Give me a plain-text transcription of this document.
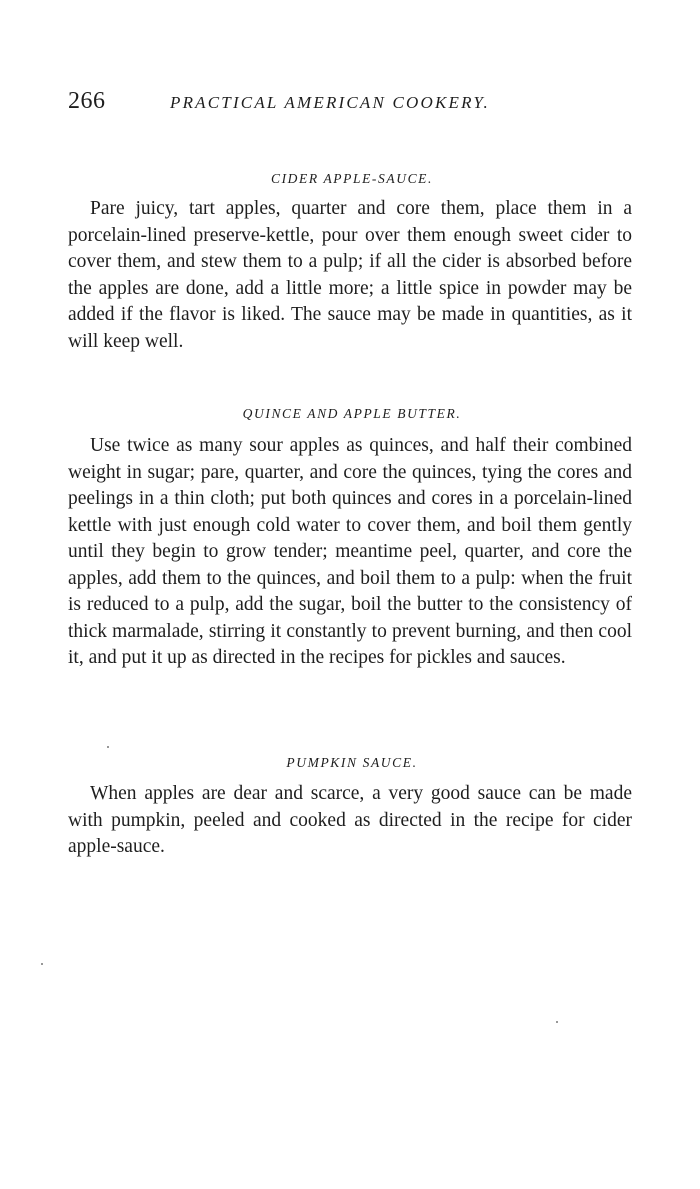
266	PRACTICAL AMERICAN COOKERY.
CIDER APPLE-SAUCE.

Pare juicy, tart apples, quarter and core them, place them in a porcelain-lined preserve-kettle, pour over them enough sweet cider to cover them, and stew them to a pulp; if all the cider is absorbed before the apples are done, add a little more; a little spice in powder may be added if the flavor is liked. The sauce may be made in quantities, as it will keep well.

QUINCE AND APPLE BUTTER.

Use twice as many sour apples as quinces, and half their combined weight in sugar; pare, quarter, and core the quinces, tying the cores and peelings in a thin cloth; put both quinces and cores in a porcelain-lined kettle with just enough cold water to cover them, and boil them gently until they begin to grow tender; meantime peel, quarter, and core the apples, add them to the quinces, and boil them to a pulp: when the fruit is reduced to a pulp, add the sugar, boil the butter to the consistency of thick marmalade, stirring it constantly to prevent burning, and then cool it, and put it up as directed in the recipes for pickles and sauces.

PUMPKIN SAUCE.

When apples are dear and scarce, a very good sauce can be made with pumpkin, peeled and cooked as directed in the recipe for cider apple-sauce.
